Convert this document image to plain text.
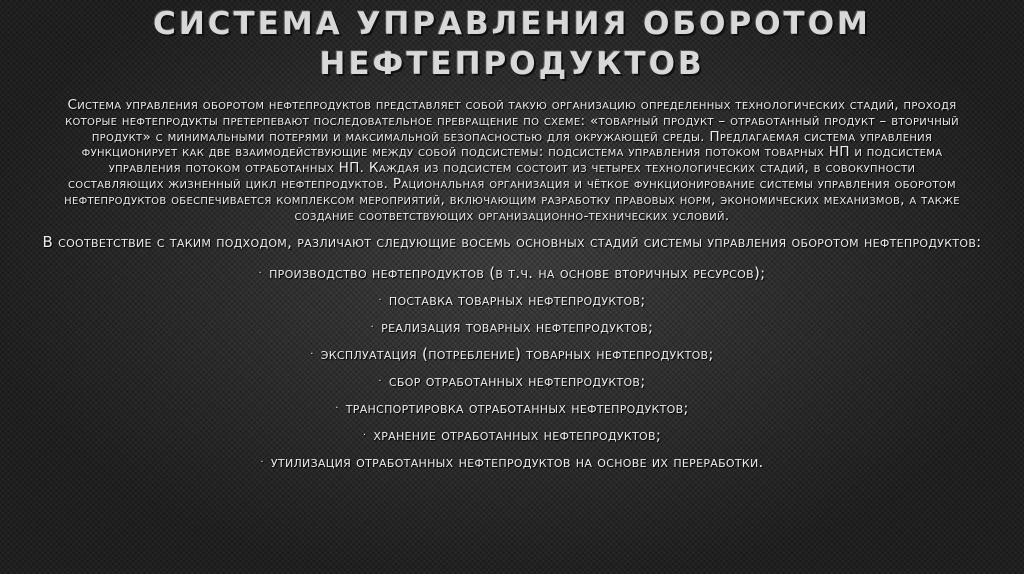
СИСТЕМА УПРАВЛЕНИЯ ОБОРОТОМ
НЕФТЕПРОДУКТОВ

Система управления оборотом нефтепродуктов представляет собой такую организацию определенных технологических стадий, проходя которые нефтепродукты претерпевают последовательное превращение по схеме: «товарный продукт – отработанный продукт – вторичный продукт» с минимальными потерями и максимальной безопасностью для окружающей среды. Предлагаемая система управления функционирует как две взаимодействующие между собой подсистемы: подсистема управления потоком товарных НП и подсистема управления потоком отработанных НП. Каждая из подсистем состоит из четырех технологических стадий, в совокупности составляющих жизненный цикл нефтепродуктов. Рациональная организация и чёткое функционирование системы управления оборотом нефтепродуктов обеспечивается комплексом мероприятий, включающим разработку правовых норм, экономических механизмов, а также создание соответствующих организационно-технических условий.

В соответствие с таким подходом, различают следующие восемь основных стадий системы управления оборотом нефтепродуктов:

· производство нефтепродуктов (в т.ч. на основе вторичных ресурсов);
· поставка товарных нефтепродуктов;
· реализация товарных нефтепродуктов;
· эксплуатация (потребление) товарных нефтепродуктов;
· сбор отработанных нефтепродуктов;
· транспортировка отработанных нефтепродуктов;
· хранение отработанных нефтепродуктов;
· утилизация отработанных нефтепродуктов на основе их переработки.
